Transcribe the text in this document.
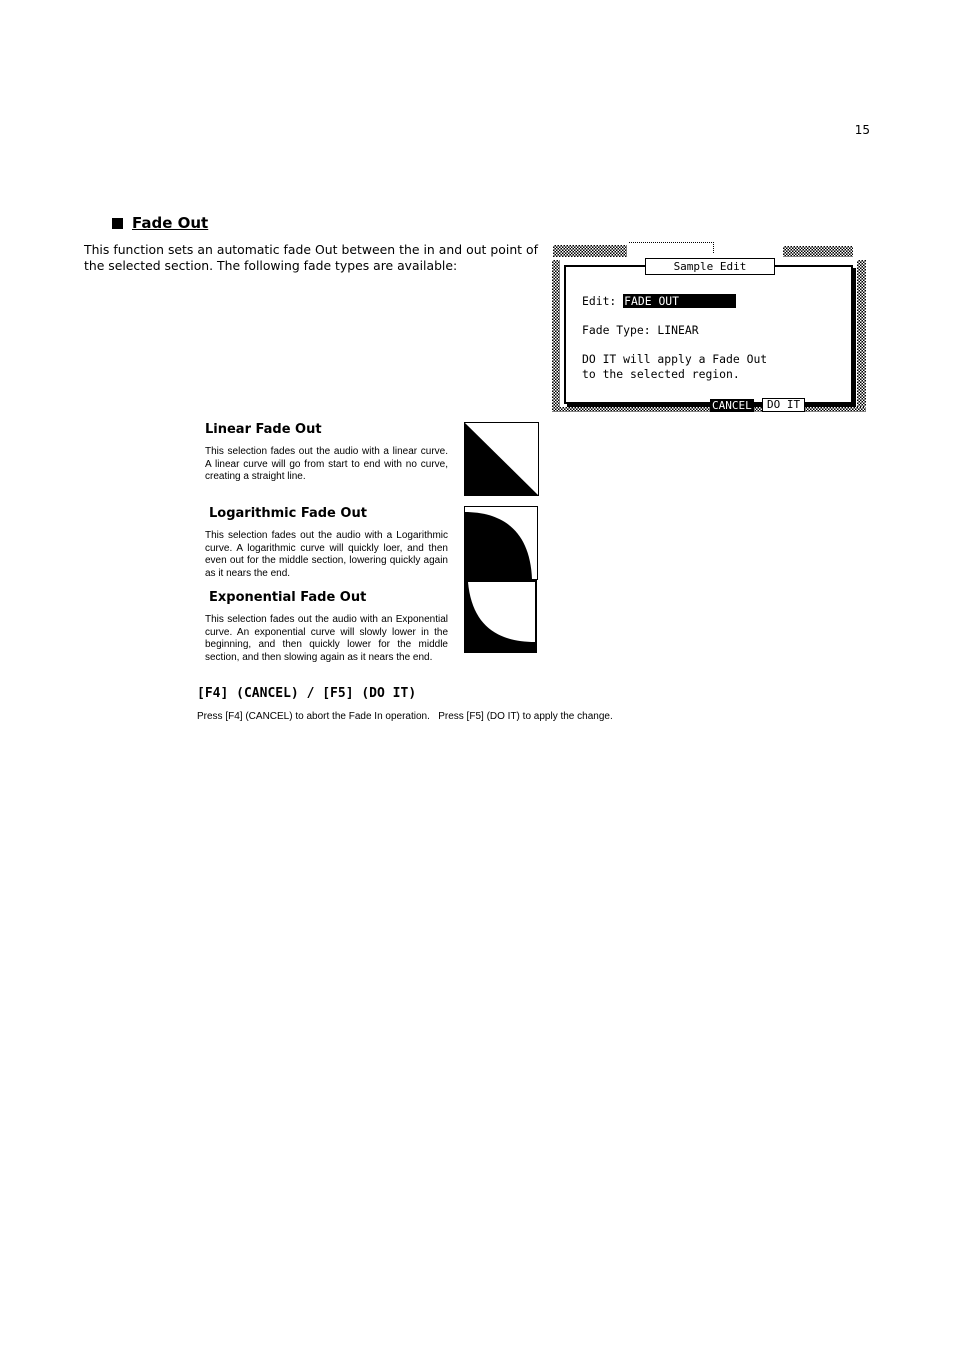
15
Fade Out
This function sets an automatic fade Out between the in and out point of the selected section. The following fade types are available:	Sample Edit
Edit: FADE OUT
Fade Type: LINEAR
DO IT will apply a Fade Out
to the selected region.
CANCEL	DO IT
Linear Fade Out
This selection fades out the audio with a linear curve. A linear curve will go from start to end with no curve, creating a straight line.
Logarithmic Fade Out
This selection fades out the audio with a Logarithmic curve. A logarithmic curve will quickly loer, and then even out for the middle section, lowering quickly again as it nears the end.
Exponential Fade Out
This selection fades out the audio with an Exponential curve. An exponential curve will slowly lower in the beginning, and then quickly lower for the middle section, and then slowing again as it nears the end.
[F4] (CANCEL) / [F5] (DO IT)
Press [F4] (CANCEL) to abort the Fade In operation.   Press [F5] (DO IT) to apply the change.
